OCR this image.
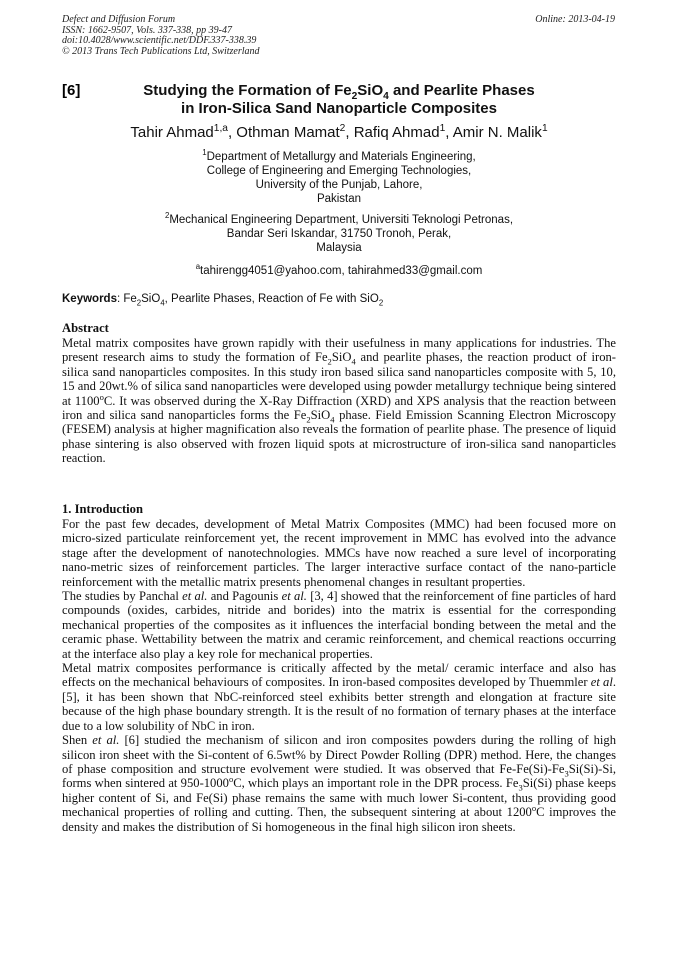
Defect and Diffusion Forum
ISSN: 1662-9507, Vols. 337-338, pp 39-47
doi:10.4028/www.scientific.net/DDF.337-338.39
© 2013 Trans Tech Publications Ltd, Switzerland
Online: 2013-04-19
[6]	Studying the Formation of $Fe_2SiO_4$ and Pearlite Phases
in Iron-Silica Sand Nanoparticle Composites
Tahir Ahmad$^{1,a}$, Othman Mamat$^2$, Rafiq Ahmad$^1$, Amir N. Malik$^1$
$^1$Department of Metallurgy and Materials Engineering,
College of Engineering and Emerging Technologies,
University of the Punjab, Lahore,
Pakistan
$^2$Mechanical Engineering Department, Universiti Teknologi Petronas,
Bandar Seri Iskandar, 31750 Tronoh, Perak,
Malaysia
$^a$tahirengg4051@yahoo.com, tahirahmed33@gmail.com
Keywords: $Fe_2SiO_4$, Pearlite Phases, Reaction of Fe with SiO$_2$
Abstract

Metal matrix composites have grown rapidly with their usefulness in many applications for industries. The present research aims to study the formation of $Fe_2SiO_4$ and pearlite phases, the reaction product of iron-silica sand nanoparticles composites. In this study iron based silica sand nanoparticles composite with 5, 10, 15 and 20wt.% of silica sand nanoparticles were developed using powder metallurgy technique being sintered at 1100$^o$C. It was observed during the X-Ray Diffraction (XRD) and XPS analysis that the reaction between iron and silica sand nanoparticles forms the $Fe_2SiO_4$ phase. Field Emission Scanning Electron Microscopy (FESEM) analysis at higher magnification also reveals the formation of pearlite phase. The presence of liquid phase sintering is also observed with frozen liquid spots at microstructure of iron-silica sand nanoparticles reaction.

1. Introduction

For the past few decades, development of Metal Matrix Composites (MMC) had been focused more on micro-sized particulate reinforcement yet, the recent improvement in MMC has evolved into the advance stage after the development of nanotechnologies. MMCs have now reached a sure level of incorporating nano-metric sizes of reinforcement particles. The larger interactive surface contact of the nano-particle reinforcement with the metallic matrix presents phenomenal changes in resultant properties.

The studies by Panchal et al. and Pagounis et al. [3, 4] showed that the reinforcement of fine particles of hard compounds (oxides, carbides, nitride and borides) into the matrix is essential for the corresponding mechanical properties of the composites as it influences the interfacial bonding between the metal and the ceramic phase. Wettability between the matrix and ceramic reinforcement, and chemical reactions occurring at the interface also play a key role for mechanical properties.

Metal matrix composites performance is critically affected by the metal/ ceramic interface and also has effects on the mechanical behaviours of composites. In iron-based composites developed by Thuemmler et al. [5], it has been shown that NbC-reinforced steel exhibits better strength and elongation at fracture site because of the high phase boundary strength. It is the result of no formation of ternary phases at the interface due to a low solubility of NbC in iron.

Shen et al. [6] studied the mechanism of silicon and iron composites powders during the rolling of high silicon iron sheet with the Si-content of 6.5wt% by Direct Powder Rolling (DPR) method. Here, the changes of phase composition and structure evolvement were studied. It was observed that $Fe-Fe(Si)-Fe_3Si(Si)-Si$, forms when sintered at 950-1000$^o$C, which plays an important role in the DPR process. $Fe_3Si(Si)$ phase keeps higher content of Si, and Fe(Si) phase remains the same with much lower Si-content, thus providing good mechanical properties of rolling and cutting. Then, the subsequent sintering at about 1200$^o$C improves the density and makes the distribution of Si homogeneous in the final high silicon iron sheets.
